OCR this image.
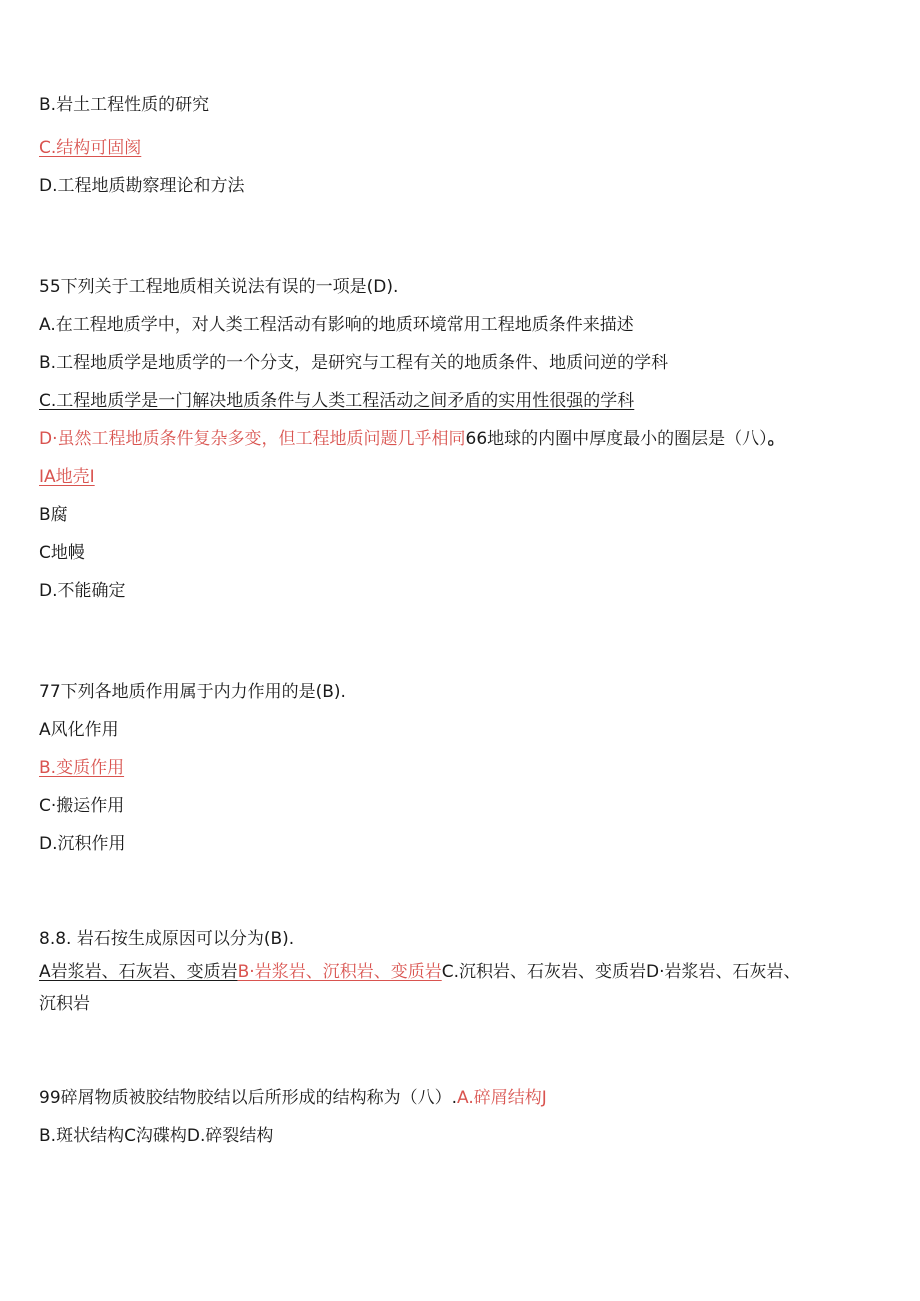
B.岩土工程性质的研究
C.结构可固阂
D.工程地质勘察理论和方法
55下列关于工程地质相关说法有误的一项是(D).
A.在工程地质学中，对人类工程活动有影响的地质环境常用工程地质条件来描述
B.工程地质学是地质学的一个分支，是研究与工程有关的地质条件、地质问逆的学科
C.工程地质学是一门解决地质条件与人类工程活动之间矛盾的实用性很强的学科
D·虽然工程地质条件复杂多变，但工程地质问题几乎相同66地球的内圈中厚度最小的圈层是（八）。
IA地壳I
B腐
C地幔
D.不能确定
77下列各地质作用属于内力作用的是(B).
A风化作用
B.变质作用
C·搬运作用
D.沉积作用
8.8. 岩石按生成原因可以分为(B).
A岩浆岩、石灰岩、变质岩B·岩浆岩、沉积岩、变质岩C.沉积岩、石灰岩、变质岩D·岩浆岩、石灰岩、
沉积岩
99碎屑物质被胶结物胶结以后所形成的结构称为（八）.A.碎屑结构J
B.斑状结构C沟碟构D.碎裂结构
